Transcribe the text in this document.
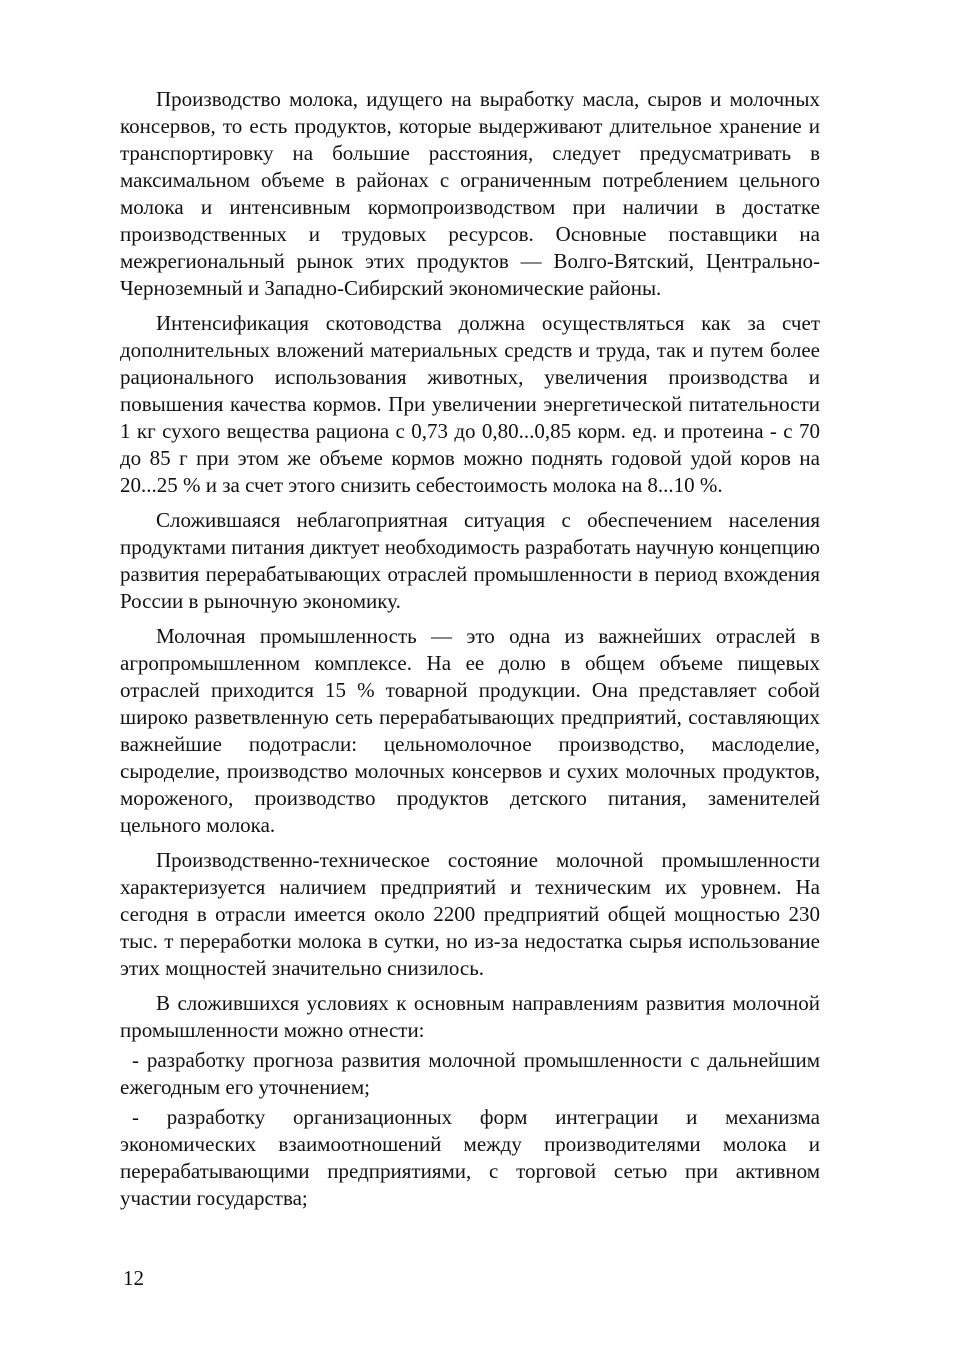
Производство молока, идущего на выработку масла, сыров и молочных консервов, то есть продуктов, которые выдерживают длительное хранение и транспортировку на большие расстояния, следует предусматривать в максимальном объеме в районах с ограниченным потреблением цельного молока и интенсивным кормопроизводством при наличии в достатке производственных и трудовых ресурсов. Основные поставщики на межрегиональный рынок этих продуктов — Волго-Вятский, Центрально-Черноземный и Западно-Сибирский экономические районы.

Интенсификация скотоводства должна осуществляться как за счет дополнительных вложений материальных средств и труда, так и путем более рационального использования животных, увеличения производства и повышения качества кормов. При увеличении энергетической питательности 1 кг сухого вещества рациона с 0,73 до 0,80...0,85 корм. ед. и протеина - с 70 до 85 г при этом же объеме кормов можно поднять годовой удой коров на 20...25 % и за счет этого снизить себестоимость молока на 8...10 %.

Сложившаяся неблагоприятная ситуация с обеспечением населения продуктами питания диктует необходимость разработать научную концепцию развития перерабатывающих отраслей промышленности в период вхождения России в рыночную экономику.

Молочная промышленность — это одна из важнейших отраслей в агропромышленном комплексе. На ее долю в общем объеме пищевых отраслей приходится 15 % товарной продукции. Она представляет собой широко разветвленную сеть перерабатывающих предприятий, составляющих важнейшие подотрасли: цельномолочное производство, маслоделие, сыроделие, производство молочных консервов и сухих молочных продуктов, мороженого, производство продуктов детского питания, заменителей цельного молока.

Производственно-техническое состояние молочной промышленности характеризуется наличием предприятий и техническим их уровнем. На сегодня в отрасли имеется около 2200 предприятий общей мощностью 230 тыс. т переработки молока в сутки, но из-за недостатка сырья использование этих мощностей значительно снизилось.

В сложившихся условиях к основным направлениям развития молочной промышленности можно отнести:

- разработку прогноза развития молочной промышленности с дальнейшим ежегодным его уточнением;

- разработку организационных форм интеграции и механизма экономических взаимоотношений между производителями молока и перерабатывающими предприятиями, с торговой сетью при активном участии государства;

12
